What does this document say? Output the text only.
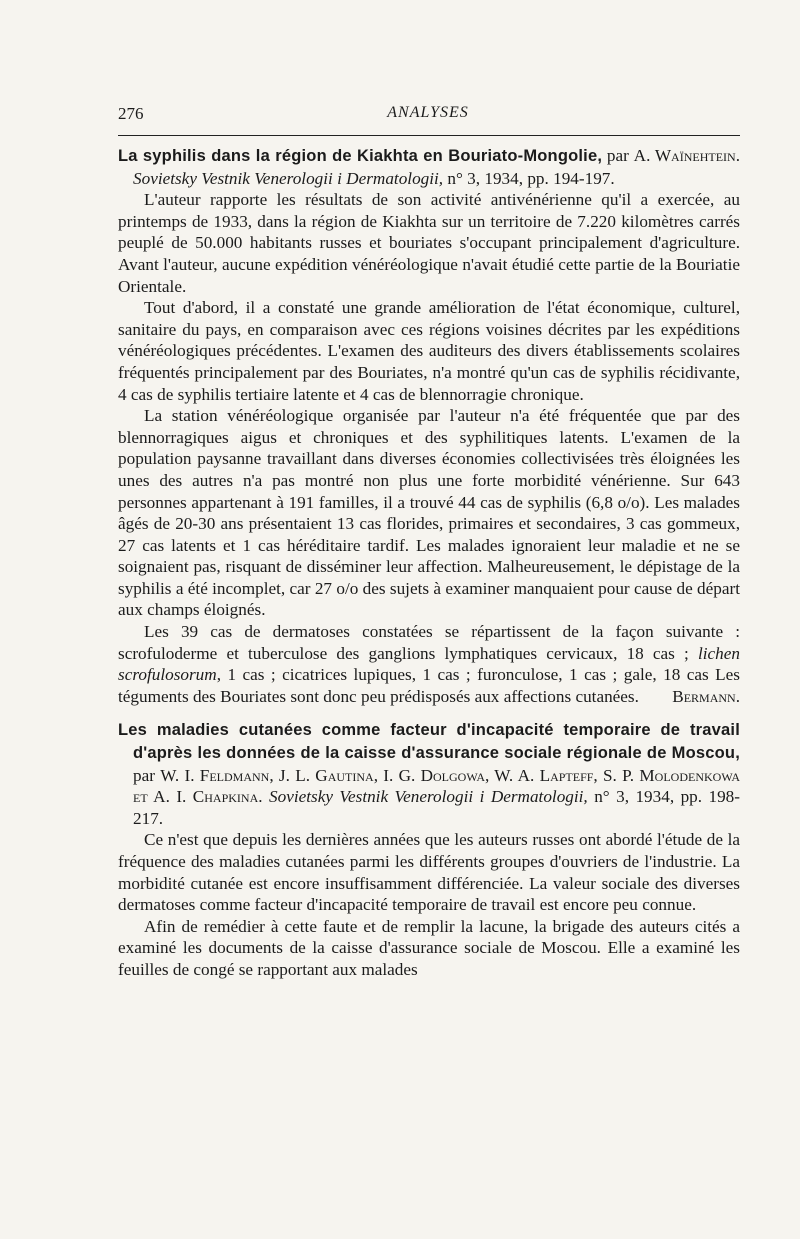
276	ANALYSES

La syphilis dans la région de Kiakhta en Bouriato-Mongolie, par A. Waïnehtein. Sovietsky Vestnik Venerologii i Dermatologii, n° 3, 1934, pp. 194-197.

L'auteur rapporte les résultats de son activité antivénérienne qu'il a exercée, au printemps de 1933, dans la région de Kiakhta sur un territoire de 7.220 kilomètres carrés peuplé de 50.000 habitants russes et bouriates s'occupant principalement d'agriculture. Avant l'auteur, aucune expédition vénéréologique n'avait étudié cette partie de la Bouriatie Orientale.

Tout d'abord, il a constaté une grande amélioration de l'état économique, culturel, sanitaire du pays, en comparaison avec ces régions voisines décrites par les expéditions vénéréologiques précédentes. L'examen des auditeurs des divers établissements scolaires fréquentés principalement par des Bouriates, n'a montré qu'un cas de syphilis récidivante, 4 cas de syphilis tertiaire latente et 4 cas de blennorragie chronique.

La station vénéréologique organisée par l'auteur n'a été fréquentée que par des blennorragiques aigus et chroniques et des syphilitiques latents. L'examen de la population paysanne travaillant dans diverses économies collectivisées très éloignées les unes des autres n'a pas montré non plus une forte morbidité vénérienne. Sur 643 personnes appartenant à 191 familles, il a trouvé 44 cas de syphilis (6,8 o/o). Les malades âgés de 20-30 ans présentaient 13 cas florides, primaires et secondaires, 3 cas gommeux, 27 cas latents et 1 cas héréditaire tardif. Les malades ignoraient leur maladie et ne se soignaient pas, risquant de disséminer leur affection. Malheureusement, le dépistage de la syphilis a été incomplet, car 27 o/o des sujets à examiner manquaient pour cause de départ aux champs éloignés.

Les 39 cas de dermatoses constatées se répartissent de la façon suivante : scrofuloderme et tuberculose des ganglions lymphatiques cervicaux, 18 cas ; lichen scrofulosorum, 1 cas ; cicatrices lupiques, 1 cas ; furonculose, 1 cas ; gale, 18 cas Les téguments des Bouriates sont donc peu prédisposés aux affections cutanées.	Bermann.

Les maladies cutanées comme facteur d'incapacité temporaire de travail d'après les données de la caisse d'assurance sociale régionale de Moscou, par W. I. Feldmann, J. L. Gautina, I. G. Dolgowa, W. A. Lapteff, S. P. Molodenkowa et A. I. Chapkina. Sovietsky Vestnik Venerologii i Dermatologii, n° 3, 1934, pp. 198-217.

Ce n'est que depuis les dernières années que les auteurs russes ont abordé l'étude de la fréquence des maladies cutanées parmi les différents groupes d'ouvriers de l'industrie. La morbidité cutanée est encore insuffisamment différenciée. La valeur sociale des diverses dermatoses comme facteur d'incapacité temporaire de travail est encore peu connue.

Afin de remédier à cette faute et de remplir la lacune, la brigade des auteurs cités a examiné les documents de la caisse d'assurance sociale de Moscou. Elle a examiné les feuilles de congé se rapportant aux malades
